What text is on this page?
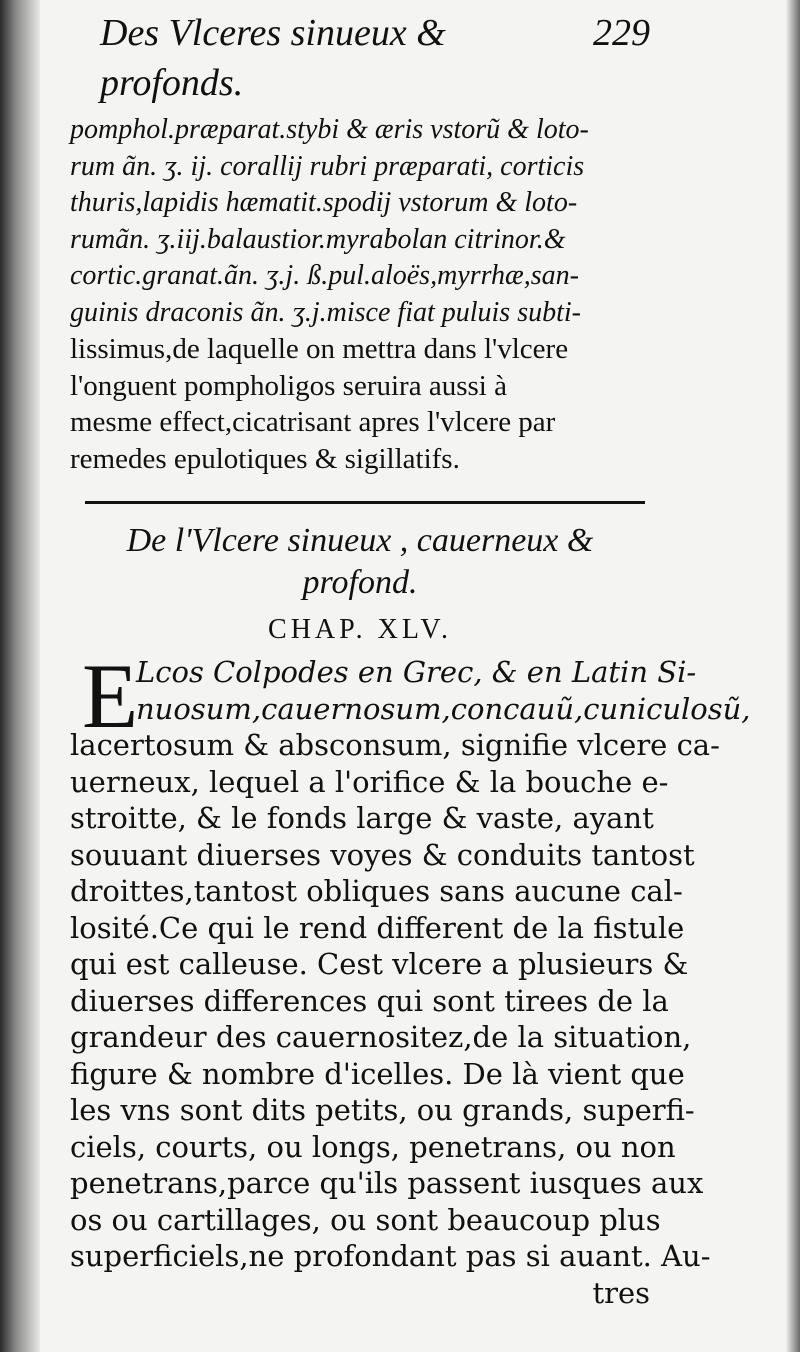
Des Vlceres sinueux & profonds.
229
pomphol.præparat.stybi & æris vstorũ & loto-
rum ãn. ʒ. ij. corallij rubri præparati, corticis
thuris,lapidis hæmatit.spodij vstorum & loto-
rumãn. ʒ.iij.balaustior.myrabolan citrinor.&
cortic.granat.ãn. ʒ.j. ß.pul.aloës,myrrhæ,san-
guinis draconis ãn. ʒ.j.misce fiat puluis subti-
lissimus,de laquelle on mettra dans l'vlcere
l'onguent pompholigos seruira aussi à
mesme effect,cicatrisant apres l'vlcere par
remedes epulotiques & sigillatifs.
De l'Vlcere sinueux , cauerneux &
profond.
CHAP. XLV.
E
Lcos Colpodes en Grec, & en Latin Si-
nuosum,cauernosum,concauũ,cuniculosũ,
lacertosum & absconsum, signifie vlcere ca-
uerneux, lequel a l'orifice & la bouche e-
stroitte, & le fonds large & vaste, ayant
souuant diuerses voyes & conduits tantost
droittes,tantost obliques sans aucune cal-
losité.Ce qui le rend different de la fistule
qui est calleuse. Cest vlcere a plusieurs &
diuerses differences qui sont tirees de la
grandeur des cauernositez,de la situation,
figure & nombre d'icelles. De là vient que
les vns sont dits petits, ou grands, superfi-
ciels, courts, ou longs, penetrans, ou non
penetrans,parce qu'ils passent iusques aux
os ou cartillages, ou sont beaucoup plus
superficiels,ne profondant pas si auant. Au-
tres
